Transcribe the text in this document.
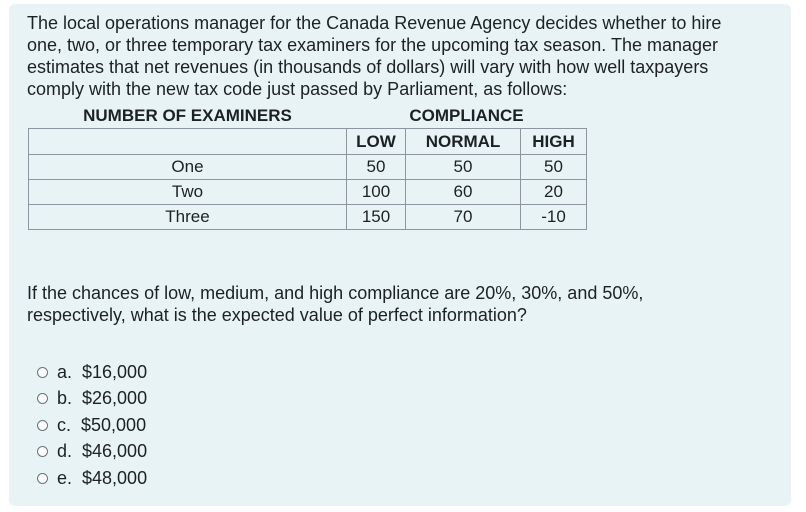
The local operations manager for the Canada Revenue Agency decides whether to hire
one, two, or three temporary tax examiners for the upcoming tax season. The manager
estimates that net revenues (in thousands of dollars) will vary with how well taxpayers
comply with the new tax code just passed by Parliament, as follows:

NUMBER OF EXAMINERS	COMPLIANCE		
	LOW	NORMAL	HIGH
One	50	50	50
Two	100	60	20
Three	150	70	-10

If the chances of low, medium, and high compliance are 20%, 30%, and 50%,
respectively, what is the expected value of perfect information?

a. $16,000
b. $26,000
c. $50,000
d. $46,000
e. $48,000
